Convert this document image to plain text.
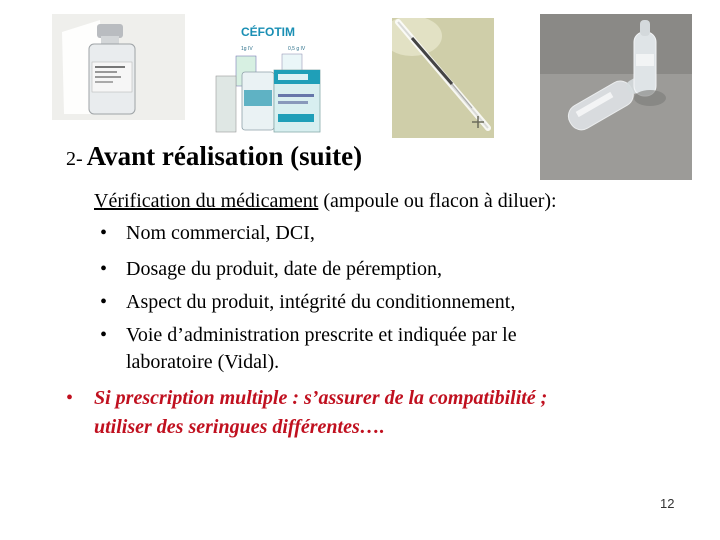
CÉFOTIM
1g IV	0,5 g IV
2- Avant réalisation (suite)
Vérification du médicament (ampoule ou flacon à diluer):
• Nom commercial, DCI,
• Dosage du produit, date de péremption,
• Aspect du produit, intégrité du conditionnement,
• Voie d’administration prescrite et indiquée par le
laboratoire (Vidal).
• Si prescription multiple : s’assurer de la compatibilité ;
utiliser des seringues différentes….
12
